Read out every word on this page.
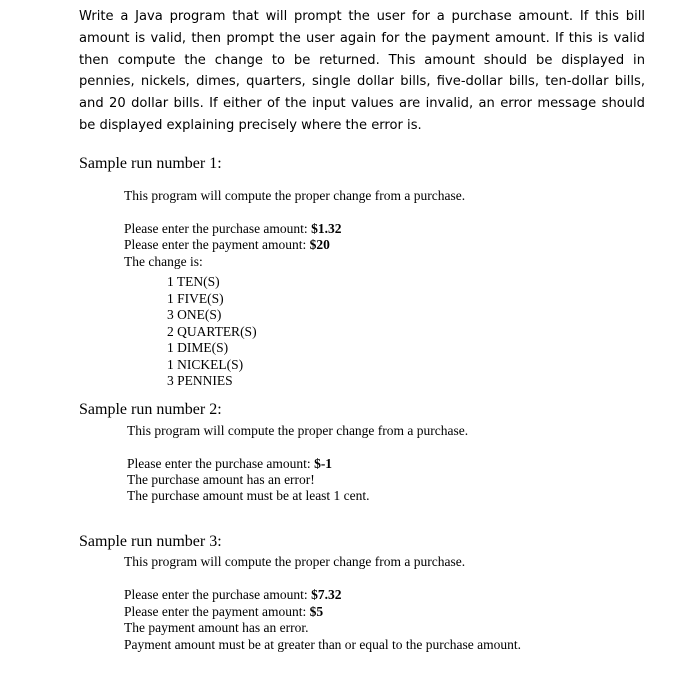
Write a Java program that will prompt the user for a purchase amount. If this bill amount is valid, then prompt the user again for the payment amount. If this is valid then compute the change to be returned. This amount should be displayed in pennies, nickels, dimes, quarters, single dollar bills, five-dollar bills, ten-dollar bills, and 20 dollar bills. If either of the input values are invalid, an error message should be displayed explaining precisely where the error is.

Sample run number 1:

This program will compute the proper change from a purchase.

Please enter the purchase amount: $1.32

Please enter the payment amount: $20

The change is:

1 TEN(S)
1 FIVE(S)
3 ONE(S)
2 QUARTER(S)
1 DIME(S)
1 NICKEL(S)
3 PENNIES

Sample run number 2:

This program will compute the proper change from a purchase.

Please enter the purchase amount: $-1

The purchase amount has an error!

The purchase amount must be at least 1 cent.

Sample run number 3:

This program will compute the proper change from a purchase.

Please enter the purchase amount: $7.32

Please enter the payment amount: $5

The payment amount has an error.

Payment amount must be at greater than or equal to the purchase amount.
